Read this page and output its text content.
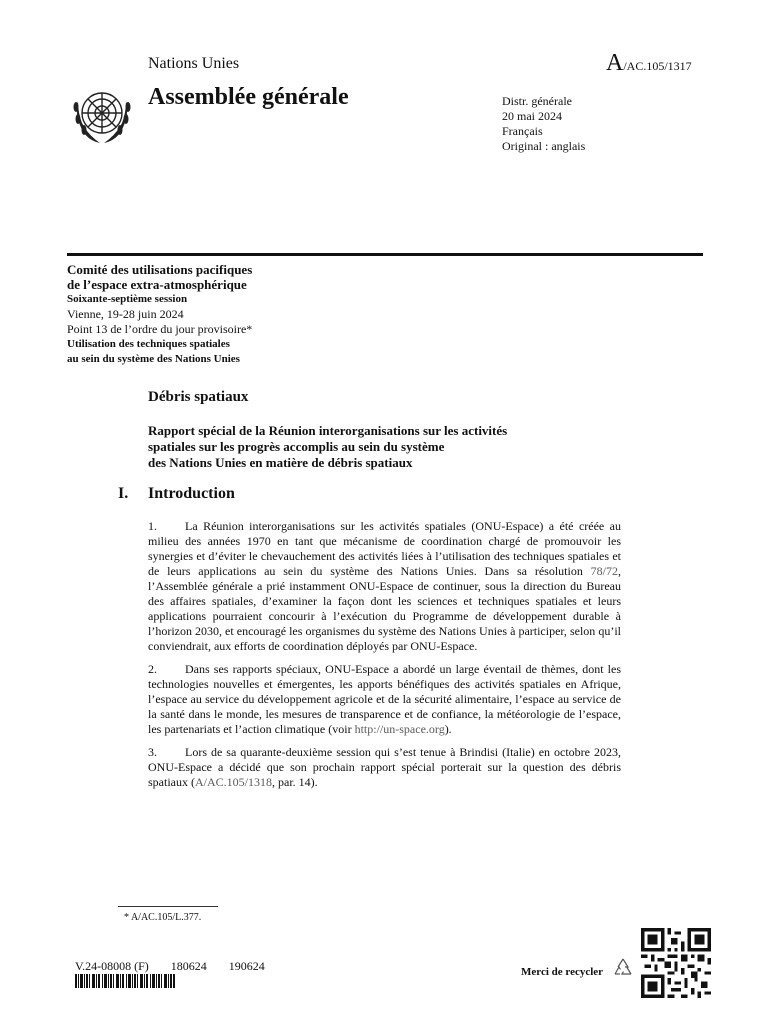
Nations Unies	A/AC.105/1317
Assemblée générale	Distr. générale
20 mai 2024
Français
Original : anglais
Comité des utilisations pacifiques
de l’espace extra-atmosphérique
Soixante-septième session
Vienne, 19-28 juin 2024
Point 13 de l’ordre du jour provisoire*
Utilisation des techniques spatiales
au sein du système des Nations Unies
Débris spatiaux
Rapport spécial de la Réunion interorganisations sur les activités
spatiales sur les progrès accomplis au sein du système
des Nations Unies en matière de débris spatiaux
I. Introduction

1. La Réunion interorganisations sur les activités spatiales (ONU-Espace) a été créée au milieu des années 1970 en tant que mécanisme de coordination chargé de promouvoir les synergies et d’éviter le chevauchement des activités liées à l’utilisation des techniques spatiales et de leurs applications au sein du système des Nations Unies. Dans sa résolution 78/72, l’Assemblée générale a prié instamment ONU-Espace de continuer, sous la direction du Bureau des affaires spatiales, d’examiner la façon dont les sciences et techniques spatiales et leurs applications pourraient concourir à l’exécution du Programme de développement durable à l’horizon 2030, et encouragé les organismes du système des Nations Unies à participer, selon qu’il conviendrait, aux efforts de coordination déployés par ONU-Espace.

2. Dans ses rapports spéciaux, ONU-Espace a abordé un large éventail de thèmes, dont les technologies nouvelles et émergentes, les apports bénéfiques des activités spatiales en Afrique, l’espace au service du développement agricole et de la sécurité alimentaire, l’espace au service de la santé dans le monde, les mesures de transparence et de confiance, la météorologie de l’espace, les partenariats et l’action climatique (voir http://un-space.org).

3. Lors de sa quarante-deuxième session qui s’est tenue à Brindisi (Italie) en octobre 2023, ONU-Espace a décidé que son prochain rapport spécial porterait sur la question des débris spatiaux (A/AC.105/1318, par. 14).

* A/AC.105/L.377.
V.24-08008 (F) 180624 190624	Merci de recycler
